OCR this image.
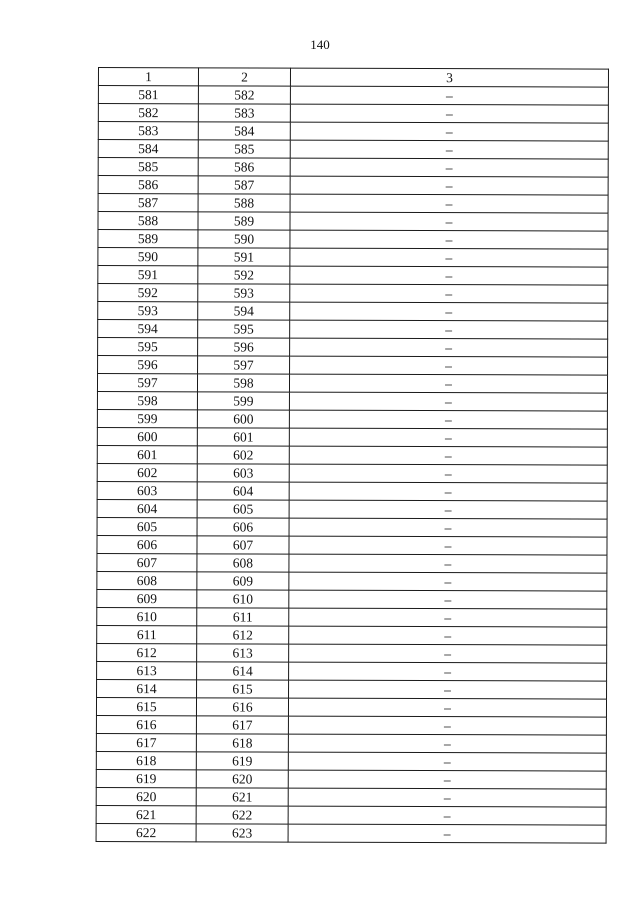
140
1	2	3
581	582	–
582	583	–
583	584	–
584	585	–
585	586	–
586	587	–
587	588	–
588	589	–
589	590	–
590	591	–
591	592	–
592	593	–
593	594	–
594	595	–
595	596	–
596	597	–
597	598	–
598	599	–
599	600	–
600	601	–
601	602	–
602	603	–
603	604	–
604	605	–
605	606	–
606	607	–
607	608	–
608	609	–
609	610	–
610	611	–
611	612	–
612	613	–
613	614	–
614	615	–
615	616	–
616	617	–
617	618	–
618	619	–
619	620	–
620	621	–
621	622	–
622	623	–
